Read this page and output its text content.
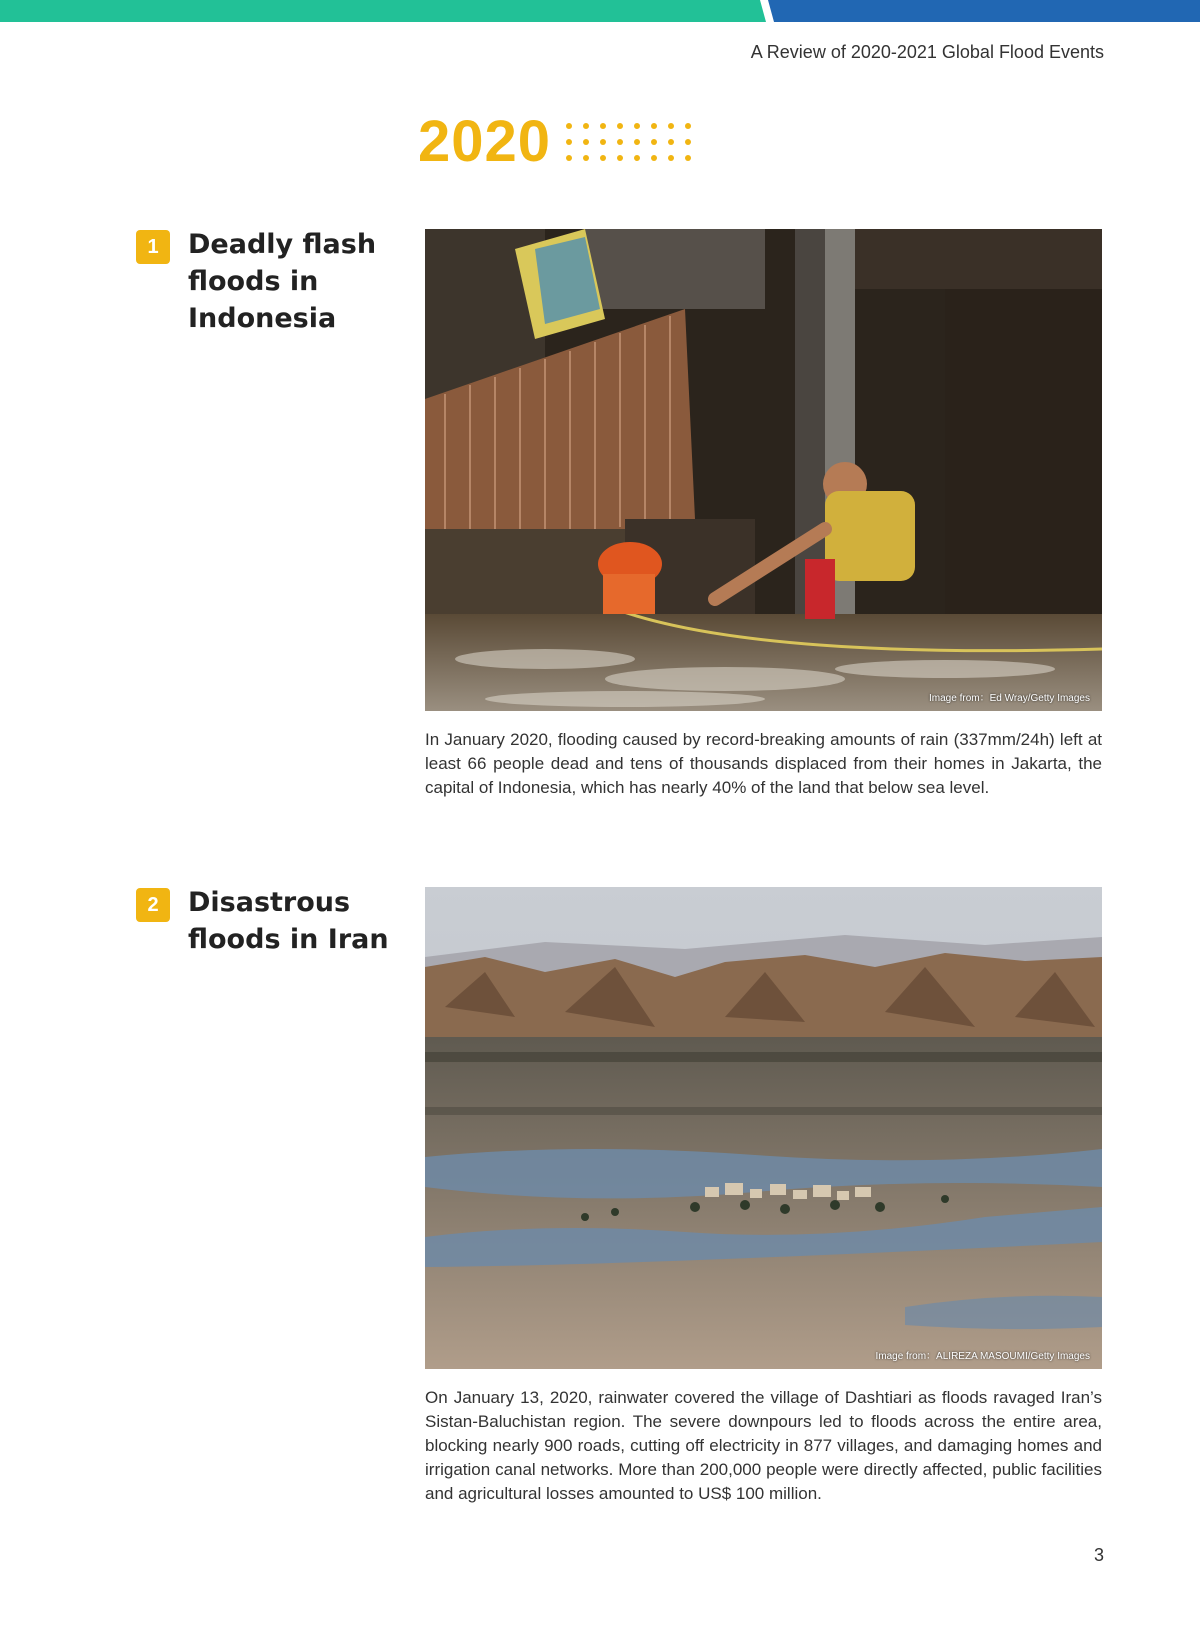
A Review of 2020-2021 Global Flood Events
2020
1	Deadly flash floods in Indonesia
Image from：Ed Wray/Getty Images
In January 2020, flooding caused by record-breaking amounts of rain (337mm/24h) left at least 66 people dead and tens of thousands displaced from their homes in Jakarta, the capital of Indonesia, which has nearly 40% of the land that below sea level.
2	Disastrous floods in Iran
Image from：ALIREZA MASOUMI/Getty Images
On January 13, 2020, rainwater covered the village of Dashtiari as floods ravaged Iran’s Sistan-Baluchistan region. The severe downpours led to floods across the entire area, blocking nearly 900 roads, cutting off electricity in 877 villages, and damaging homes and irrigation canal networks. More than 200,000 people were directly affected, public facilities and agricultural losses amounted to US$ 100 million.
3
